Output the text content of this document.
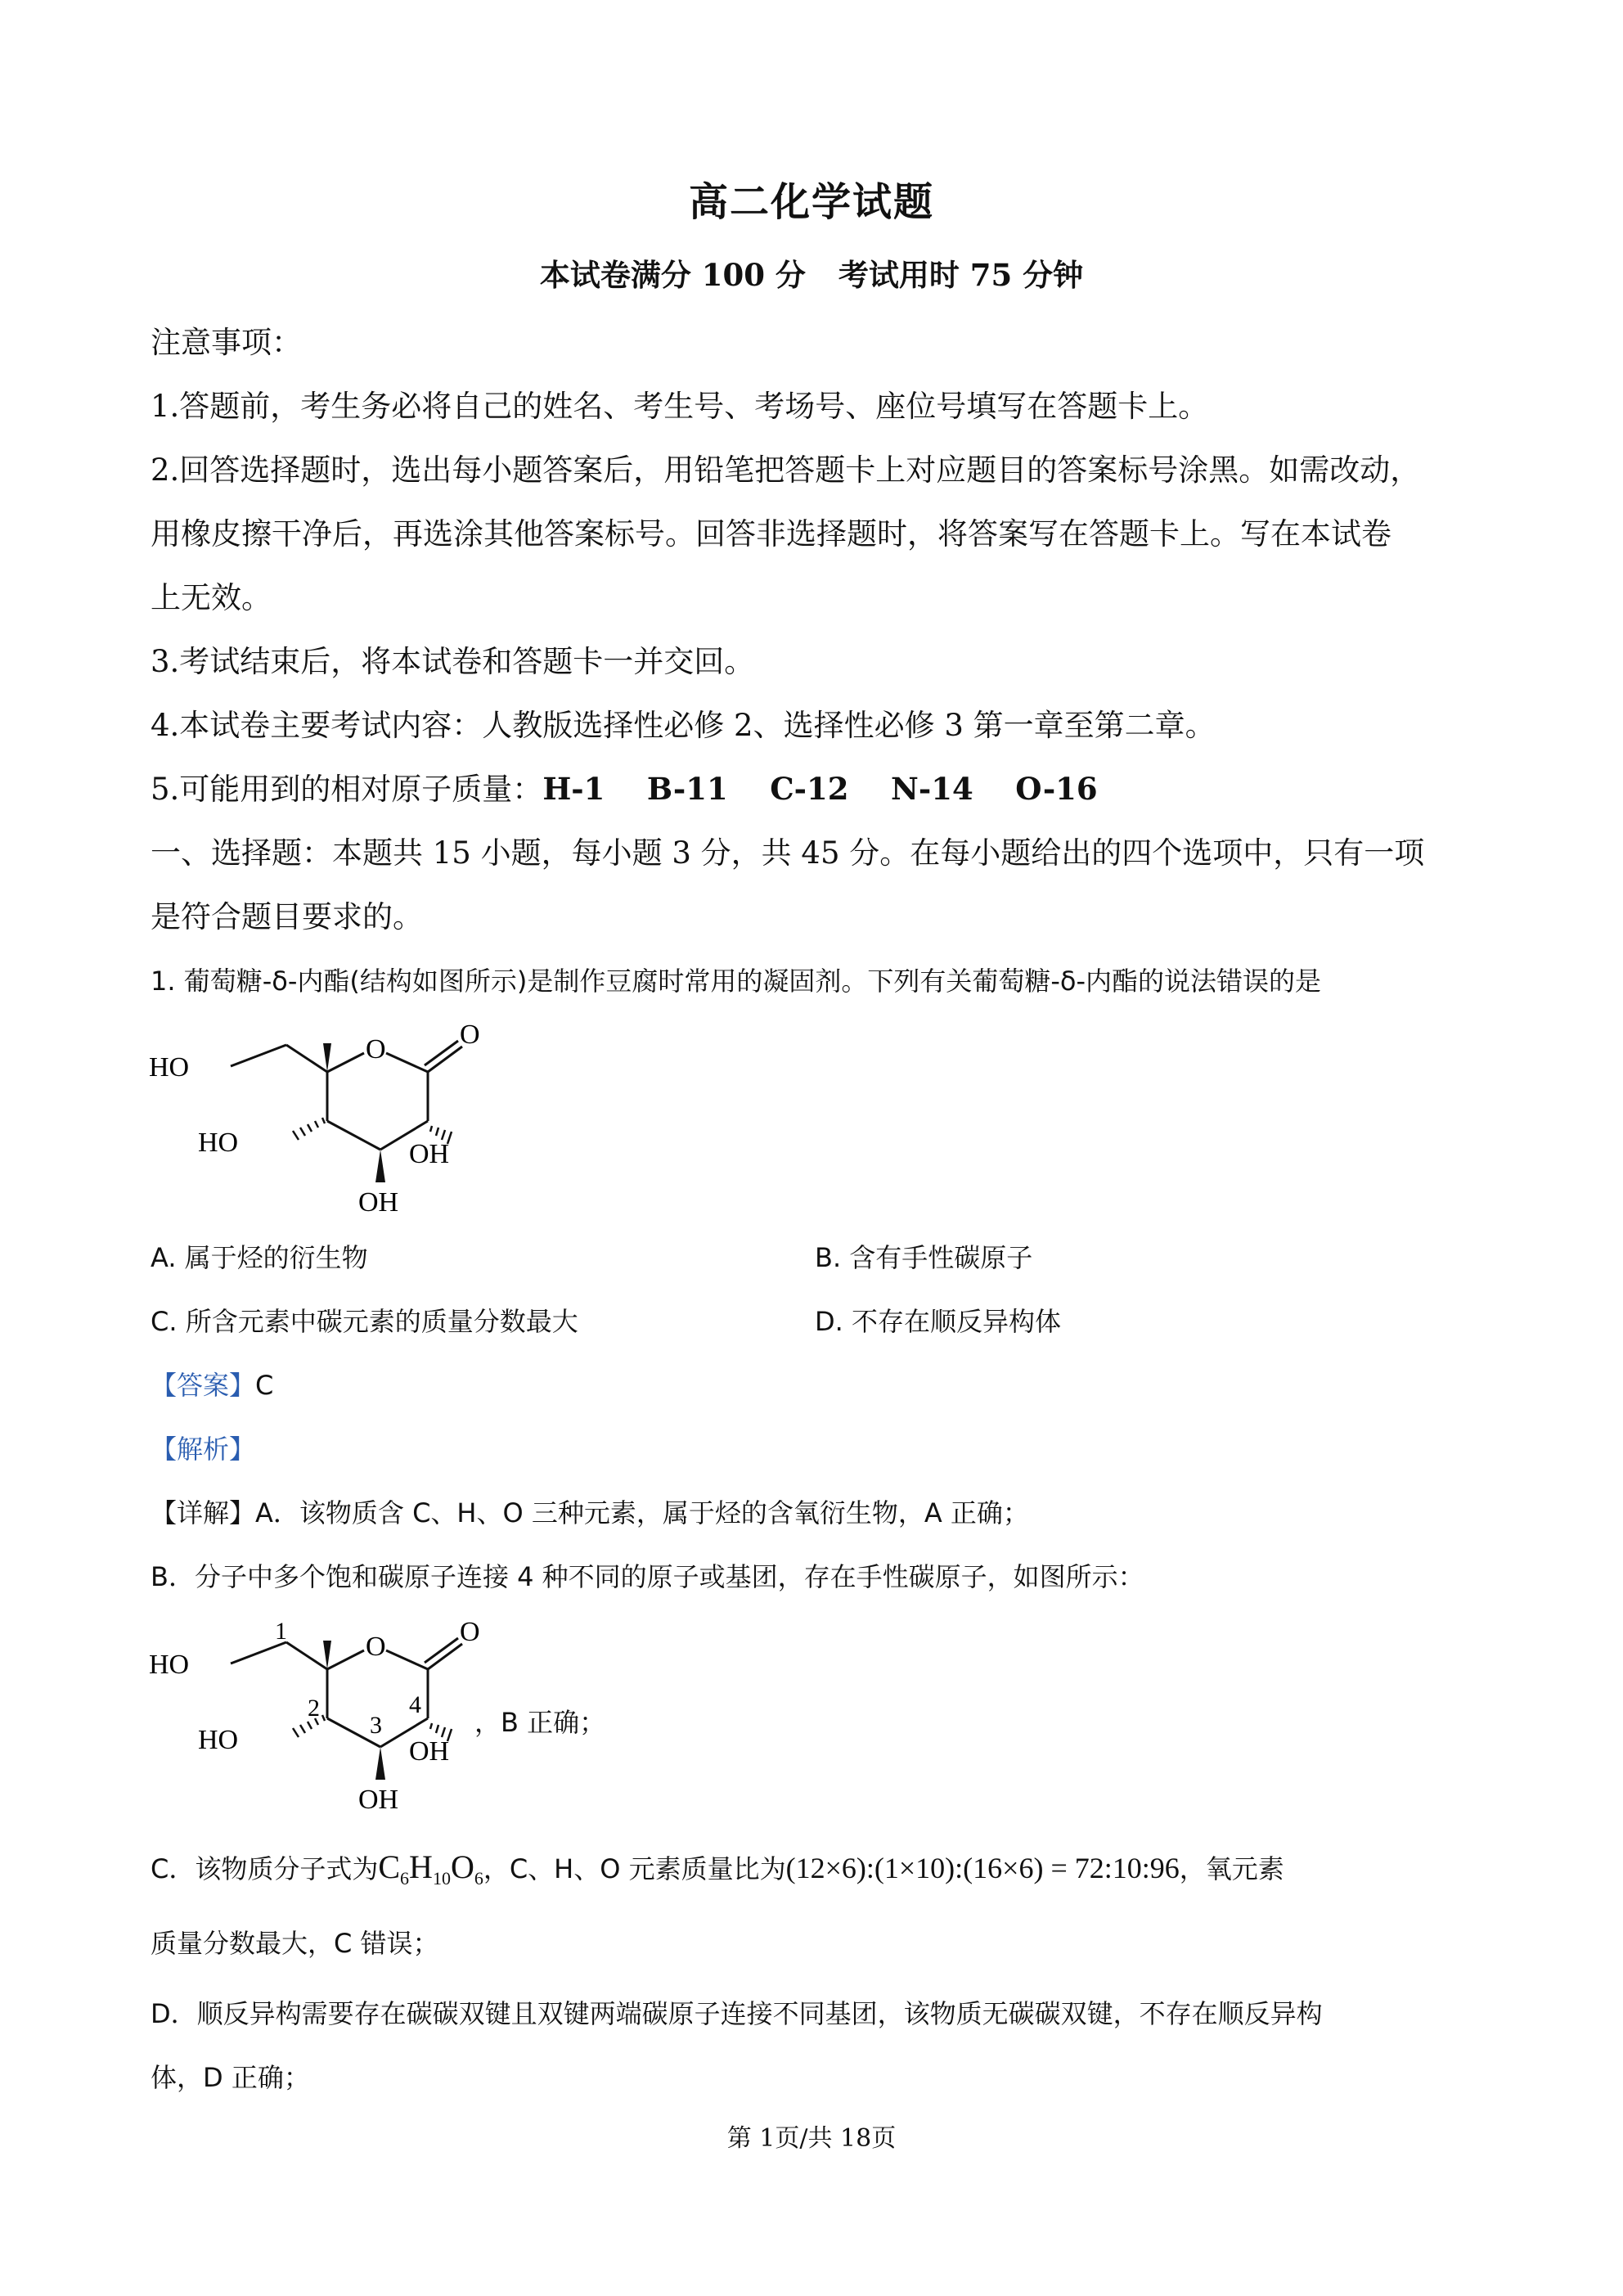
高二化学试题
本试卷满分 100 分 考试用时 75 分钟
注意事项：
1.答题前，考生务必将自己的姓名、考生号、考场号、座位号填写在答题卡上。
2.回答选择题时，选出每小题答案后，用铅笔把答题卡上对应题目的答案标号涂黑。如需改动，
用橡皮擦干净后，再选涂其他答案标号。回答非选择题时，将答案写在答题卡上。写在本试卷
上无效。
3.考试结束后，将本试卷和答题卡一并交回。
4.本试卷主要考试内容：人教版选择性必修 2、选择性必修 3 第一章至第二章。
5.可能用到的相对原子质量：H-1    B-11    C-12    N-14    O-16
一、选择题：本题共 15 小题，每小题 3 分，共 45 分。在每小题给出的四个选项中，只有一项
是符合题目要求的。
1. 葡萄糖-δ-内酯(结构如图所示)是制作豆腐时常用的凝固剂。下列有关葡萄糖-δ-内酯的说法错误的是
HO
O	O
HO	OH
OH
A. 属于烃的衍生物	B. 含有手性碳原子
C. 所含元素中碳元素的质量分数最大	D. 不存在顺反异构体
【答案】C
【解析】
【详解】A．该物质含 C、H、O 三种元素，属于烃的含氧衍生物，A 正确；
B．分子中多个饱和碳原子连接 4 种不同的原子或基团，存在手性碳原子，如图所示：
HO
O	O
HO	OH
OH
1
2
3
4
，B 正确；
C．该物质分子式为$C_6H_{10}O_6$，C、H、O 元素质量比为(12×6):(1×10):(16×6) = 72:10:96，氧元素
质量分数最大，C 错误；
D．顺反异构需要存在碳碳双键且双键两端碳原子连接不同基团，该物质无碳碳双键，不存在顺反异构
体，D 正确；
第 1页/共 18页
